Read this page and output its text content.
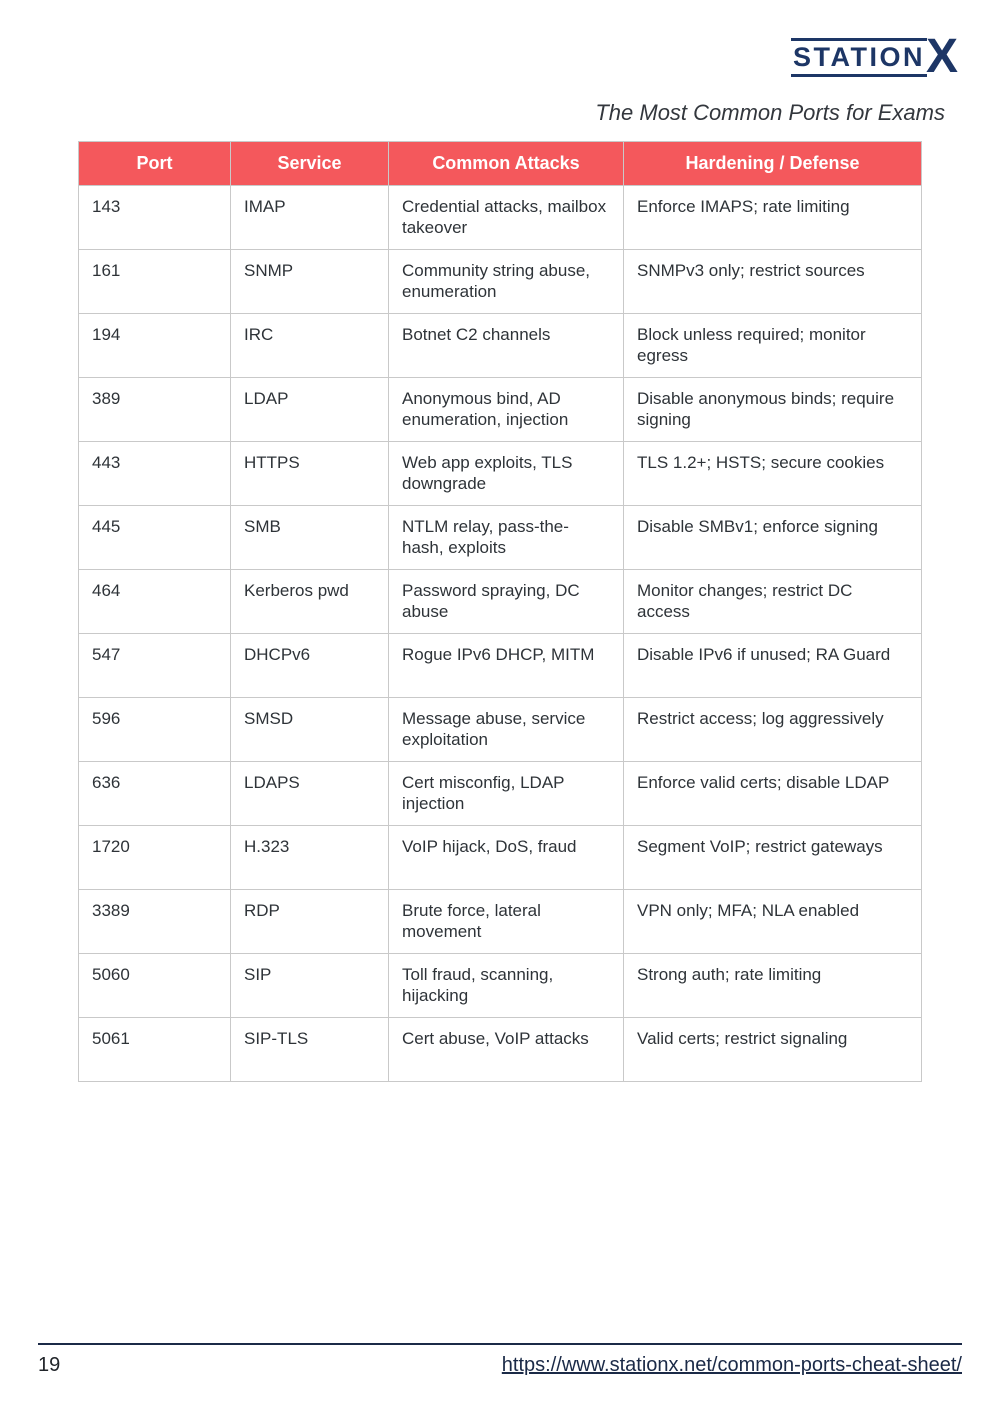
STATION X
The Most Common Ports for Exams
Port	Service	Common Attacks	Hardening / Defense
143	IMAP	Credential attacks, mailbox takeover	Enforce IMAPS; rate limiting
161	SNMP	Community string abuse, enumeration	SNMPv3 only; restrict sources
194	IRC	Botnet C2 channels	Block unless required; monitor egress
389	LDAP	Anonymous bind, AD enumeration, injection	Disable anonymous binds; require signing
443	HTTPS	Web app exploits, TLS downgrade	TLS 1.2+; HSTS; secure cookies
445	SMB	NTLM relay, pass-the-hash, exploits	Disable SMBv1; enforce signing
464	Kerberos pwd	Password spraying, DC abuse	Monitor changes; restrict DC access
547	DHCPv6	Rogue IPv6 DHCP, MITM	Disable IPv6 if unused; RA Guard
596	SMSD	Message abuse, service exploitation	Restrict access; log aggressively
636	LDAPS	Cert misconfig, LDAP injection	Enforce valid certs; disable LDAP
1720	H.323	VoIP hijack, DoS, fraud	Segment VoIP; restrict gateways
3389	RDP	Brute force, lateral movement	VPN only; MFA; NLA enabled
5060	SIP	Toll fraud, scanning, hijacking	Strong auth; rate limiting
5061	SIP-TLS	Cert abuse, VoIP attacks	Valid certs; restrict signaling
19	https://www.stationx.net/common-ports-cheat-sheet/
